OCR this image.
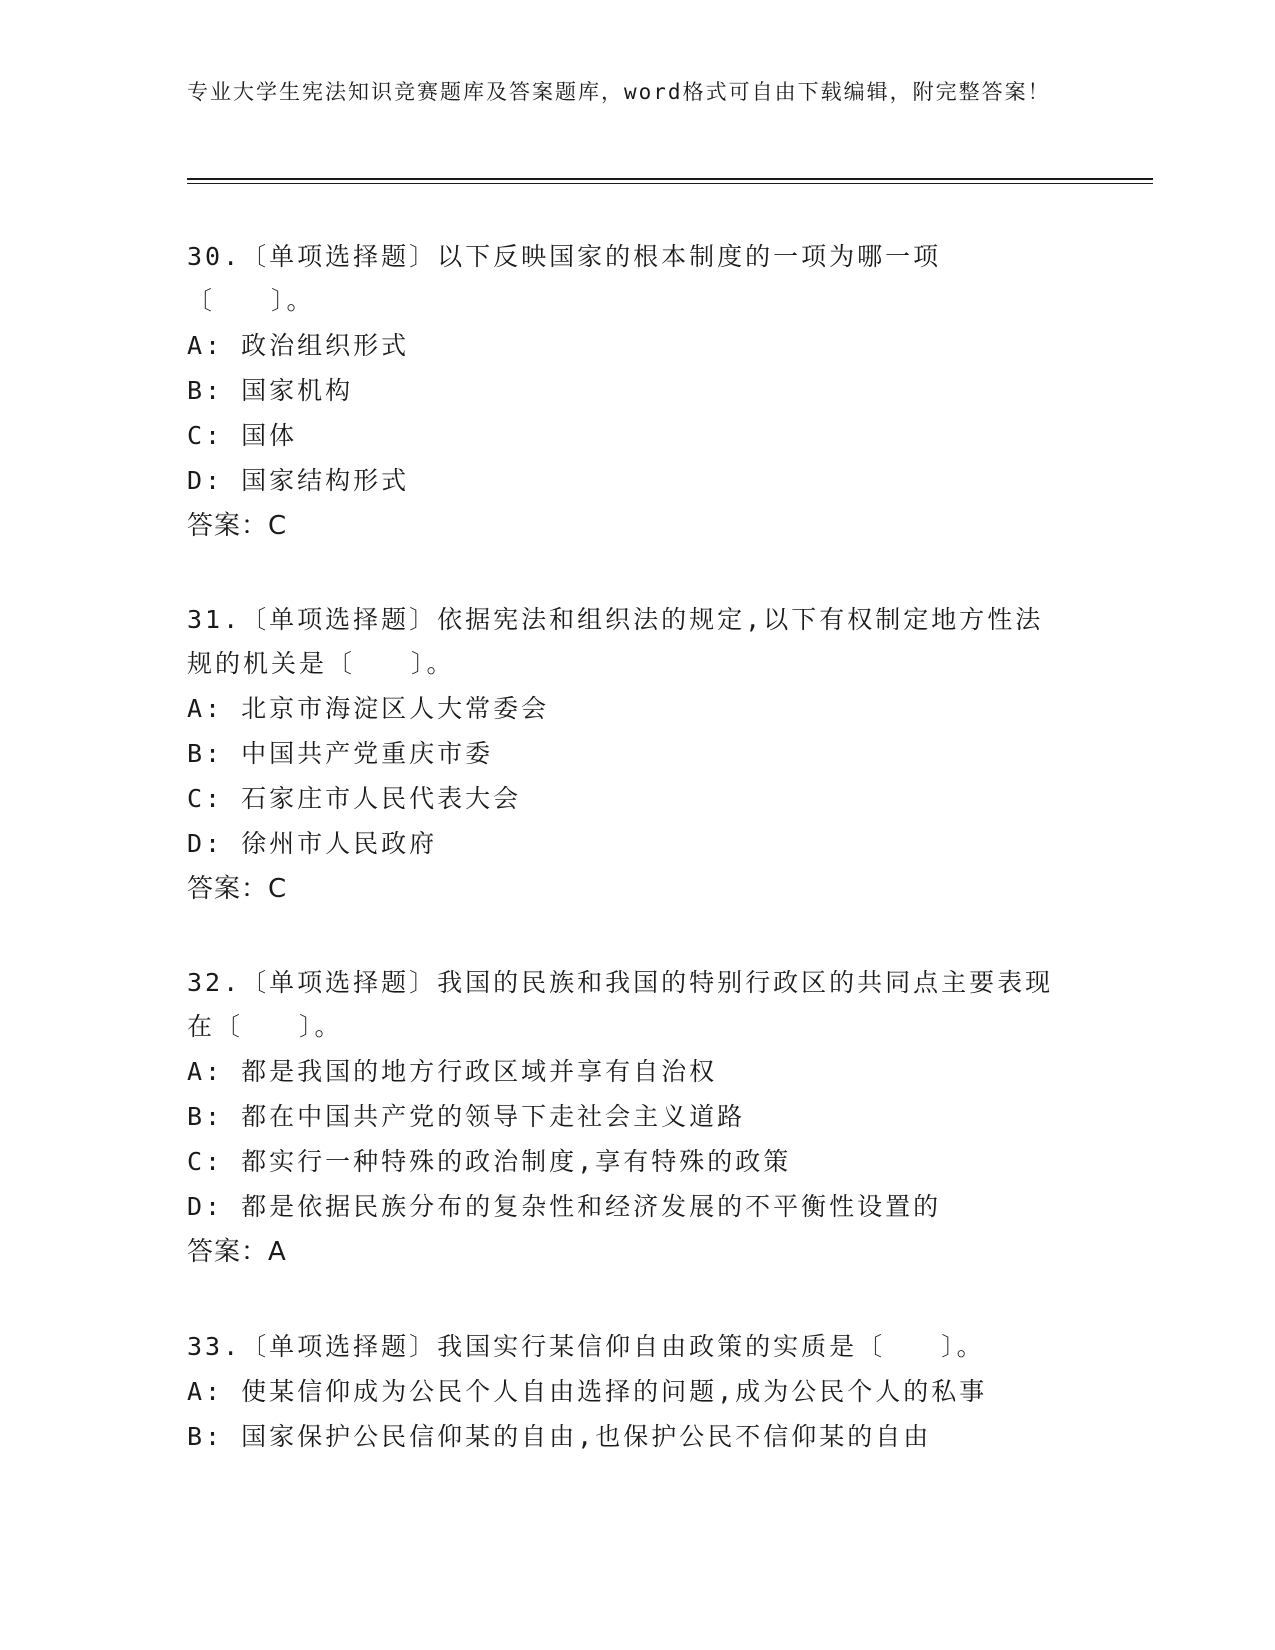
专业大学生宪法知识竞赛题库及答案题库，word格式可自由下载编辑，附完整答案！
30.〔单项选择题〕以下反映国家的根本制度的一项为哪一项〔　　〕。
A: 政治组织形式
B: 国家机构
C: 国体
D: 国家结构形式
答案：C
31.〔单项选择题〕依据宪法和组织法的规定,以下有权制定地方性法规的机关是〔　　〕。
A: 北京市海淀区人大常委会
B: 中国共产党重庆市委
C: 石家庄市人民代表大会
D: 徐州市人民政府
答案：C
32.〔单项选择题〕我国的民族和我国的特别行政区的共同点主要表现在〔　　〕。
A: 都是我国的地方行政区域并享有自治权
B: 都在中国共产党的领导下走社会主义道路
C: 都实行一种特殊的政治制度,享有特殊的政策
D: 都是依据民族分布的复杂性和经济发展的不平衡性设置的
答案：A
33.〔单项选择题〕我国实行某信仰自由政策的实质是〔　　〕。
A: 使某信仰成为公民个人自由选择的问题,成为公民个人的私事
B: 国家保护公民信仰某的自由,也保护公民不信仰某的自由
